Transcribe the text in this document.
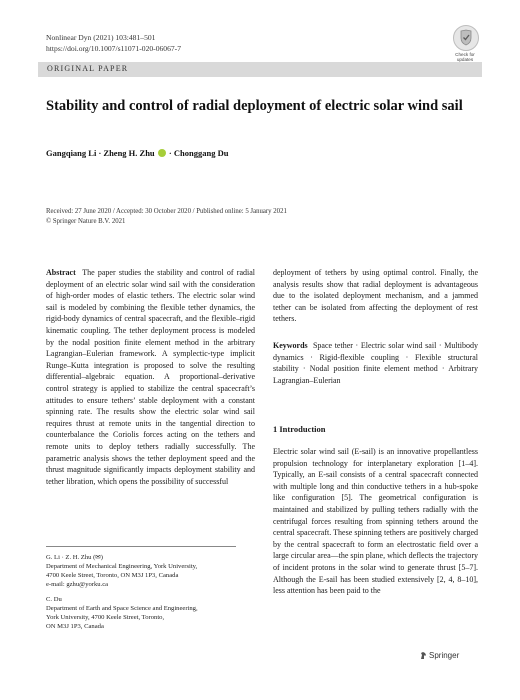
Nonlinear Dyn (2021) 103:481–501
https://doi.org/10.1007/s11071-020-06067-7
Check for
updates
ORIGINAL PAPER
Stability and control of radial deployment of electric solar wind sail
Gangqiang Li · Zheng H. Zhu  · Chonggang Du
Received: 27 June 2020 / Accepted: 30 October 2020 / Published online: 5 January 2021
© Springer Nature B.V. 2021

Abstract The paper studies the stability and control of radial deployment of an electric solar wind sail with the consideration of high-order modes of elastic tethers. The electric solar wind sail is modeled by combining the flexible tether dynamics, the rigid-body dynamics of central spacecraft, and the flexible–rigid kinematic coupling. The tether deployment process is modeled by the nodal position finite element method in the arbitrary Lagrangian–Eulerian framework. A symplectic-type implicit Runge–Kutta integration is proposed to solve the resulting differential–algebraic equation. A proportional–derivative control strategy is applied to stabilize the central spacecraft’s attitudes to ensure tethers’ stable deployment with a constant spinning rate. The results show the electric solar wind sail requires thrust at remote units in the tangential direction to counterbalance the Coriolis forces acting on the tethers and remote units to deploy tethers radially successfully. The parametric analysis shows the tether deployment speed and the thrust magnitude significantly impacts deployment stability and tether libration, which opens the possibility of successful

deployment of tethers by using optimal control. Finally, the analysis results show that radial deployment is advantageous due to the isolated deployment mechanism, and a jammed tether can be isolated from affecting the deployment of rest tethers.

Keywords Space tether · Electric solar wind sail · Multibody dynamics · Rigid-flexible coupling · Flexible structural stability · Nodal position finite element method · Arbitrary Lagrangian–Eulerian

1 Introduction

Electric solar wind sail (E-sail) is an innovative propellantless propulsion technology for interplanetary exploration [1–4]. Typically, an E-sail consists of a central spacecraft connected with multiple long and thin conductive tethers in a hub-spoke like configuration [5]. The geometrical configuration is maintained and stabilized by pulling tethers radially with the centrifugal forces resulting from spinning tethers around the central spacecraft. These spinning tethers are positively charged by the central spacecraft to form an electrostatic field over a large circular area—the spin plane, which deflects the trajectory of incident protons in the solar wind to generate thrust [5–7]. Although the E-sail has been studied extensively [2, 4, 8–10], less attention has been paid to the

G. Li · Z. H. Zhu (✉)
Department of Mechanical Engineering, York University,
4700 Keele Street, Toronto, ON M3J 1P3, Canada
e-mail: gzhu@yorku.ca
C. Du
Department of Earth and Space Science and Engineering,
York University, 4700 Keele Street, Toronto,
ON M3J 1P3, Canada
Springer
